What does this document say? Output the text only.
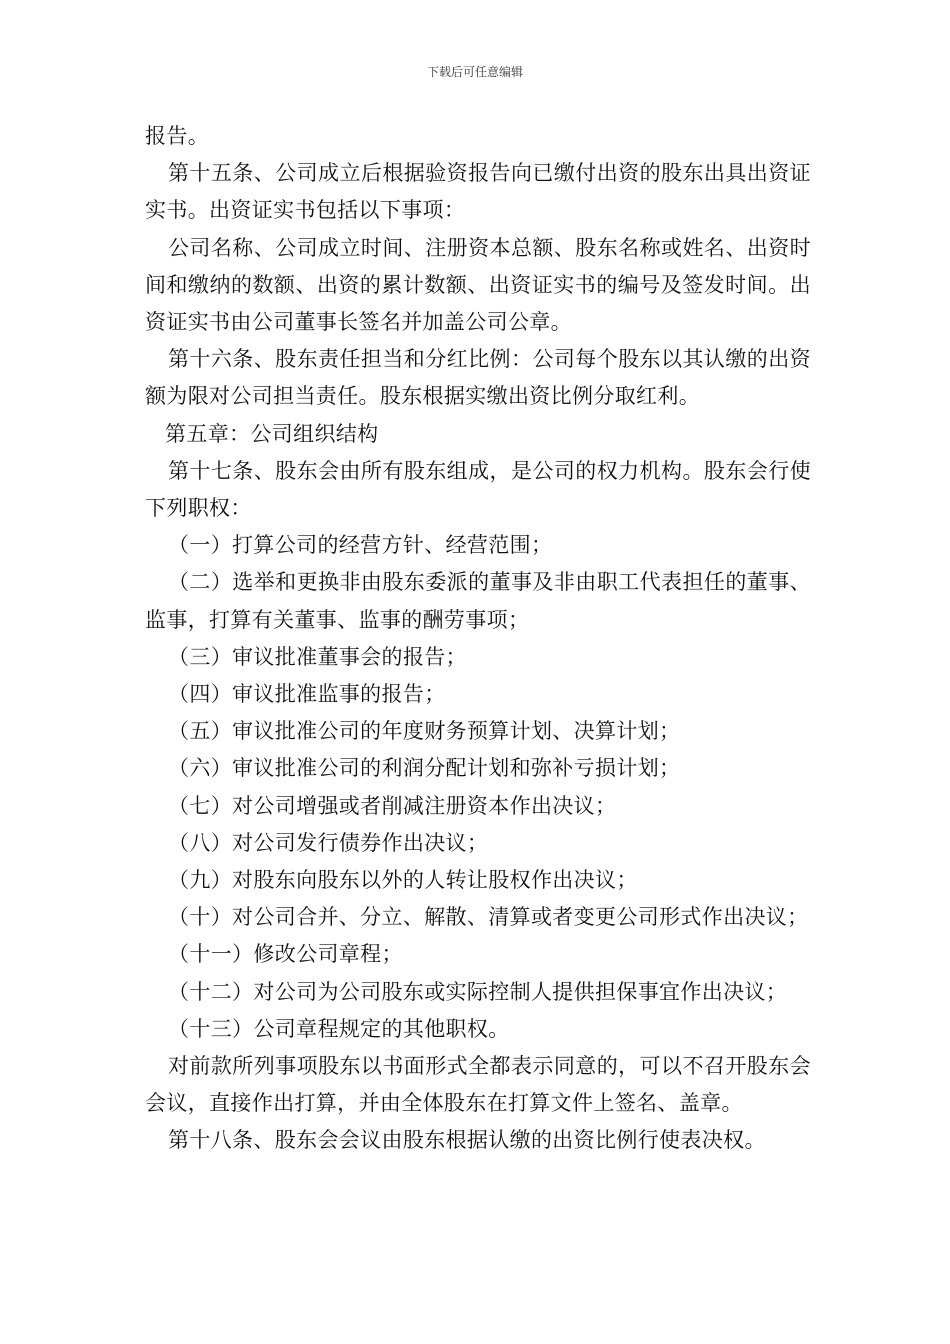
下载后可任意编辑

报告。

第十五条、公司成立后根据验资报告向已缴付出资的股东出具出资证实书。出资证实书包括以下事项：

公司名称、公司成立时间、注册资本总额、股东名称或姓名、出资时间和缴纳的数额、出资的累计数额、出资证实书的编号及签发时间。出资证实书由公司董事长签名并加盖公司公章。

第十六条、股东责任担当和分红比例：公司每个股东以其认缴的出资额为限对公司担当责任。股东根据实缴出资比例分取红利。

第五章：公司组织结构

第十七条、股东会由所有股东组成，是公司的权力机构。股东会行使下列职权：

（一）打算公司的经营方针、经营范围；

（二）选举和更换非由股东委派的董事及非由职工代表担任的董事、监事，打算有关董事、监事的酬劳事项；

（三）审议批准董事会的报告；

（四）审议批准监事的报告；

（五）审议批准公司的年度财务预算计划、决算计划；

（六）审议批准公司的利润分配计划和弥补亏损计划；

（七）对公司增强或者削减注册资本作出决议；

（八）对公司发行债券作出决议；

（九）对股东向股东以外的人转让股权作出决议；

（十）对公司合并、分立、解散、清算或者变更公司形式作出决议；

（十一）修改公司章程；

（十二）对公司为公司股东或实际控制人提供担保事宜作出决议；

（十三）公司章程规定的其他职权。

对前款所列事项股东以书面形式全都表示同意的，可以不召开股东会会议，直接作出打算，并由全体股东在打算文件上签名、盖章。

第十八条、股东会会议由股东根据认缴的出资比例行使表决权。
